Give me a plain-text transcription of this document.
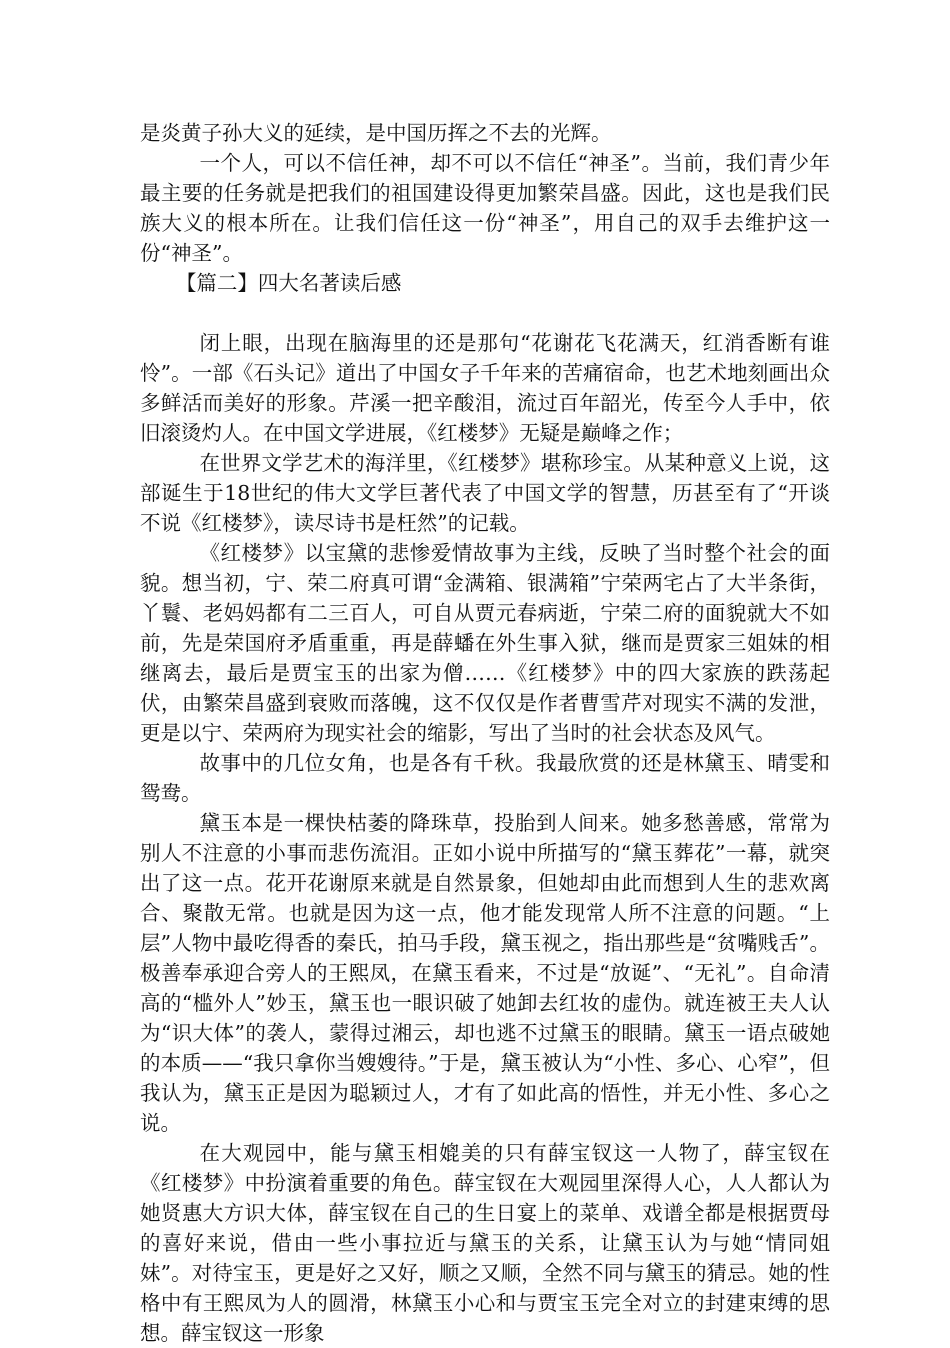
是炎黄子孙大义的延续，是中国历挥之不去的光辉。

一个人，可以不信任神，却不可以不信任“神圣”。当前，我们青少年最主要的任务就是把我们的祖国建设得更加繁荣昌盛。因此，这也是我们民族大义的根本所在。让我们信任这一份“神圣”，用自己的双手去维护这一份“神圣”。

【篇二】四大名著读后感

闭上眼，出现在脑海里的还是那句“花谢花飞花满天，红消香断有谁怜”。一部《石头记》道出了中国女子千年来的苦痛宿命，也艺术地刻画出众多鲜活而美好的形象。芹溪一把辛酸泪，流过百年韶光，传至今人手中，依旧滚烫灼人。在中国文学进展，《红楼梦》无疑是巅峰之作；

在世界文学艺术的海洋里，《红楼梦》堪称珍宝。从某种意义上说，这部诞生于18世纪的伟大文学巨著代表了中国文学的智慧，历甚至有了“开谈不说《红楼梦》，读尽诗书是枉然”的记载。

《红楼梦》以宝黛的悲惨爱情故事为主线，反映了当时整个社会的面貌。想当初，宁、荣二府真可谓“金满箱、银满箱”宁荣两宅占了大半条街，丫鬟、老妈妈都有二三百人，可自从贾元春病逝，宁荣二府的面貌就大不如前，先是荣国府矛盾重重，再是薛蟠在外生事入狱，继而是贾家三姐妹的相继离去，最后是贾宝玉的出家为僧……《红楼梦》中的四大家族的跌荡起伏，由繁荣昌盛到衰败而落魄，这不仅仅是作者曹雪芹对现实不满的发泄，更是以宁、荣两府为现实社会的缩影，写出了当时的社会状态及风气。

故事中的几位女角，也是各有千秋。我最欣赏的还是林黛玉、晴雯和鸳鸯。

黛玉本是一棵快枯萎的降珠草，投胎到人间来。她多愁善感，常常为别人不注意的小事而悲伤流泪。正如小说中所描写的“黛玉葬花”一幕，就突出了这一点。花开花谢原来就是自然景象，但她却由此而想到人生的悲欢离合、聚散无常。也就是因为这一点，他才能发现常人所不注意的问题。“上层”人物中最吃得香的秦氏，拍马手段，黛玉视之，指出那些是“贫嘴贱舌”。极善奉承迎合旁人的王熙凤，在黛玉看来，不过是“放诞”、“无礼”。自命清高的“槛外人”妙玉，黛玉也一眼识破了她卸去红妆的虚伪。就连被王夫人认为“识大体”的袭人，蒙得过湘云，却也逃不过黛玉的眼睛。黛玉一语点破她的本质——“我只拿你当嫂嫂待。”于是，黛玉被认为“小性、多心、心窄”，但我认为，黛玉正是因为聪颖过人，才有了如此高的悟性，并无小性、多心之说。

在大观园中，能与黛玉相媲美的只有薛宝钗这一人物了，薛宝钗在《红楼梦》中扮演着重要的角色。薛宝钗在大观园里深得人心，人人都认为她贤惠大方识大体，薛宝钗在自己的生日宴上的菜单、戏谱全都是根据贾母的喜好来说，借由一些小事拉近与黛玉的关系，让黛玉认为与她“情同姐妹”。对待宝玉，更是好之又好，顺之又顺，全然不同与黛玉的猜忌。她的性格中有王熙凤为人的圆滑，林黛玉小心和与贾宝玉完全对立的封建束缚的思想。薛宝钗这一形象
